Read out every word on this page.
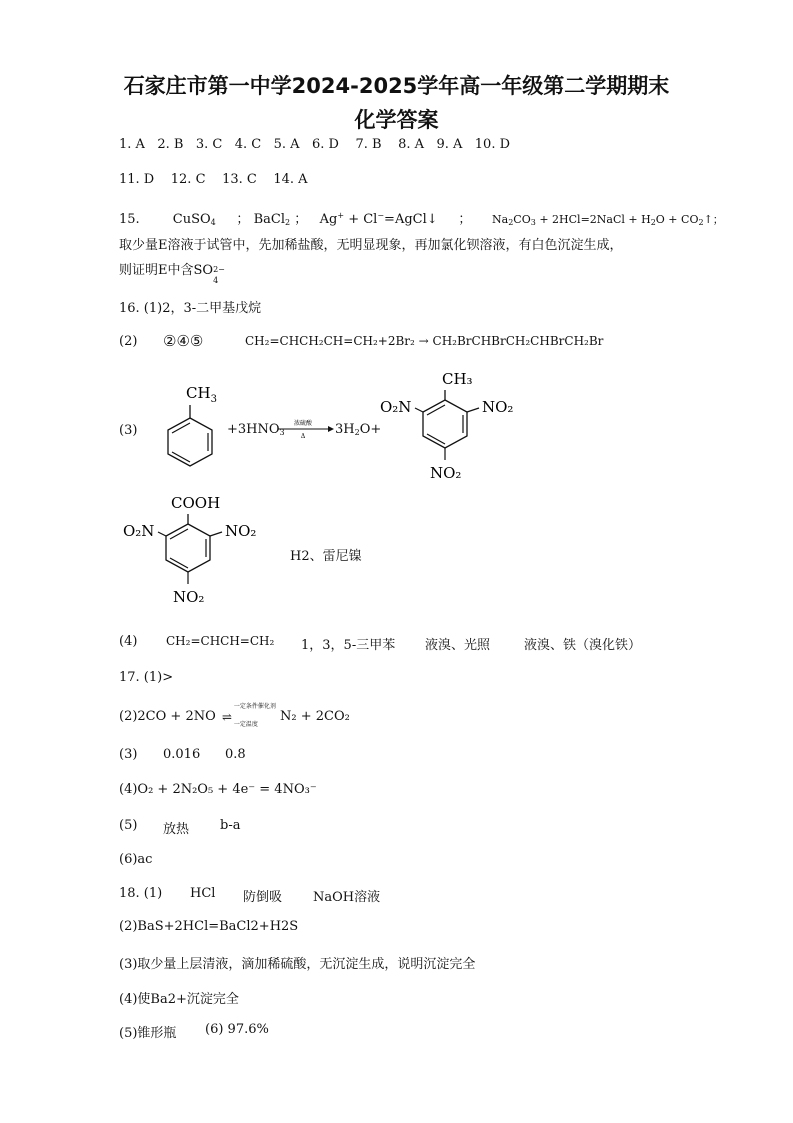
石家庄市第一中学2024-2025学年高一年级第二学期期末
化学答案
1. A 2. B 3. C 4. C 5. A 6. D 7. B 8. A 9. A 10. D
11. D 12. C 13. C 14. A
15.	CuSO$_4$ ； BaCl$_2$ ； Ag+ + Cl−=AgCl↓ ； $Na_2CO_3$ + 2HCl=2NaCl + $H_2O$ + $CO_2↑$；
取少量E溶液于试管中，先加稀盐酸，无明显现象，再加氯化钡溶液，有白色沉淀生成，
则证明E中含SO 2−
4
16. (1)2，3-二甲基戊烷
(2) ②④⑤	CH₂=CHCH₂CH=CH₂+2Br₂ → CH₂BrCHBrCH₂CHBrCH₂Br
(3)
$CH_3$
$+3HNO_3$
浓硫酸
Δ $3H_2O+$
CH₃
O₂N	NO₂
NO₂
COOH
O₂N	NO₂
NO₂
H2、雷尼镍
(4) CH₂=CHCH=CH₂ 1，3，5-三甲苯 液溴、光照	液溴、铁（溴化铁）
17. (1)>
(2)2CO + 2NO
一定条件催化剂
⇌
一定温度 N₂ + 2CO₂
(3) 0.016 0.8
(4)O₂ + 2N₂O₅ + 4e⁻ = 4NO₃⁻
(5) 放热 b-a
(6)ac
18. (1) HCl 防倒吸 NaOH溶液
(2)BaS+2HCl=BaCl2+H2S
(3)取少量上层清液，滴加稀硫酸，无沉淀生成，说明沉淀完全
(4)使Ba2+沉淀完全
(5)锥形瓶 (6) 97.6%
